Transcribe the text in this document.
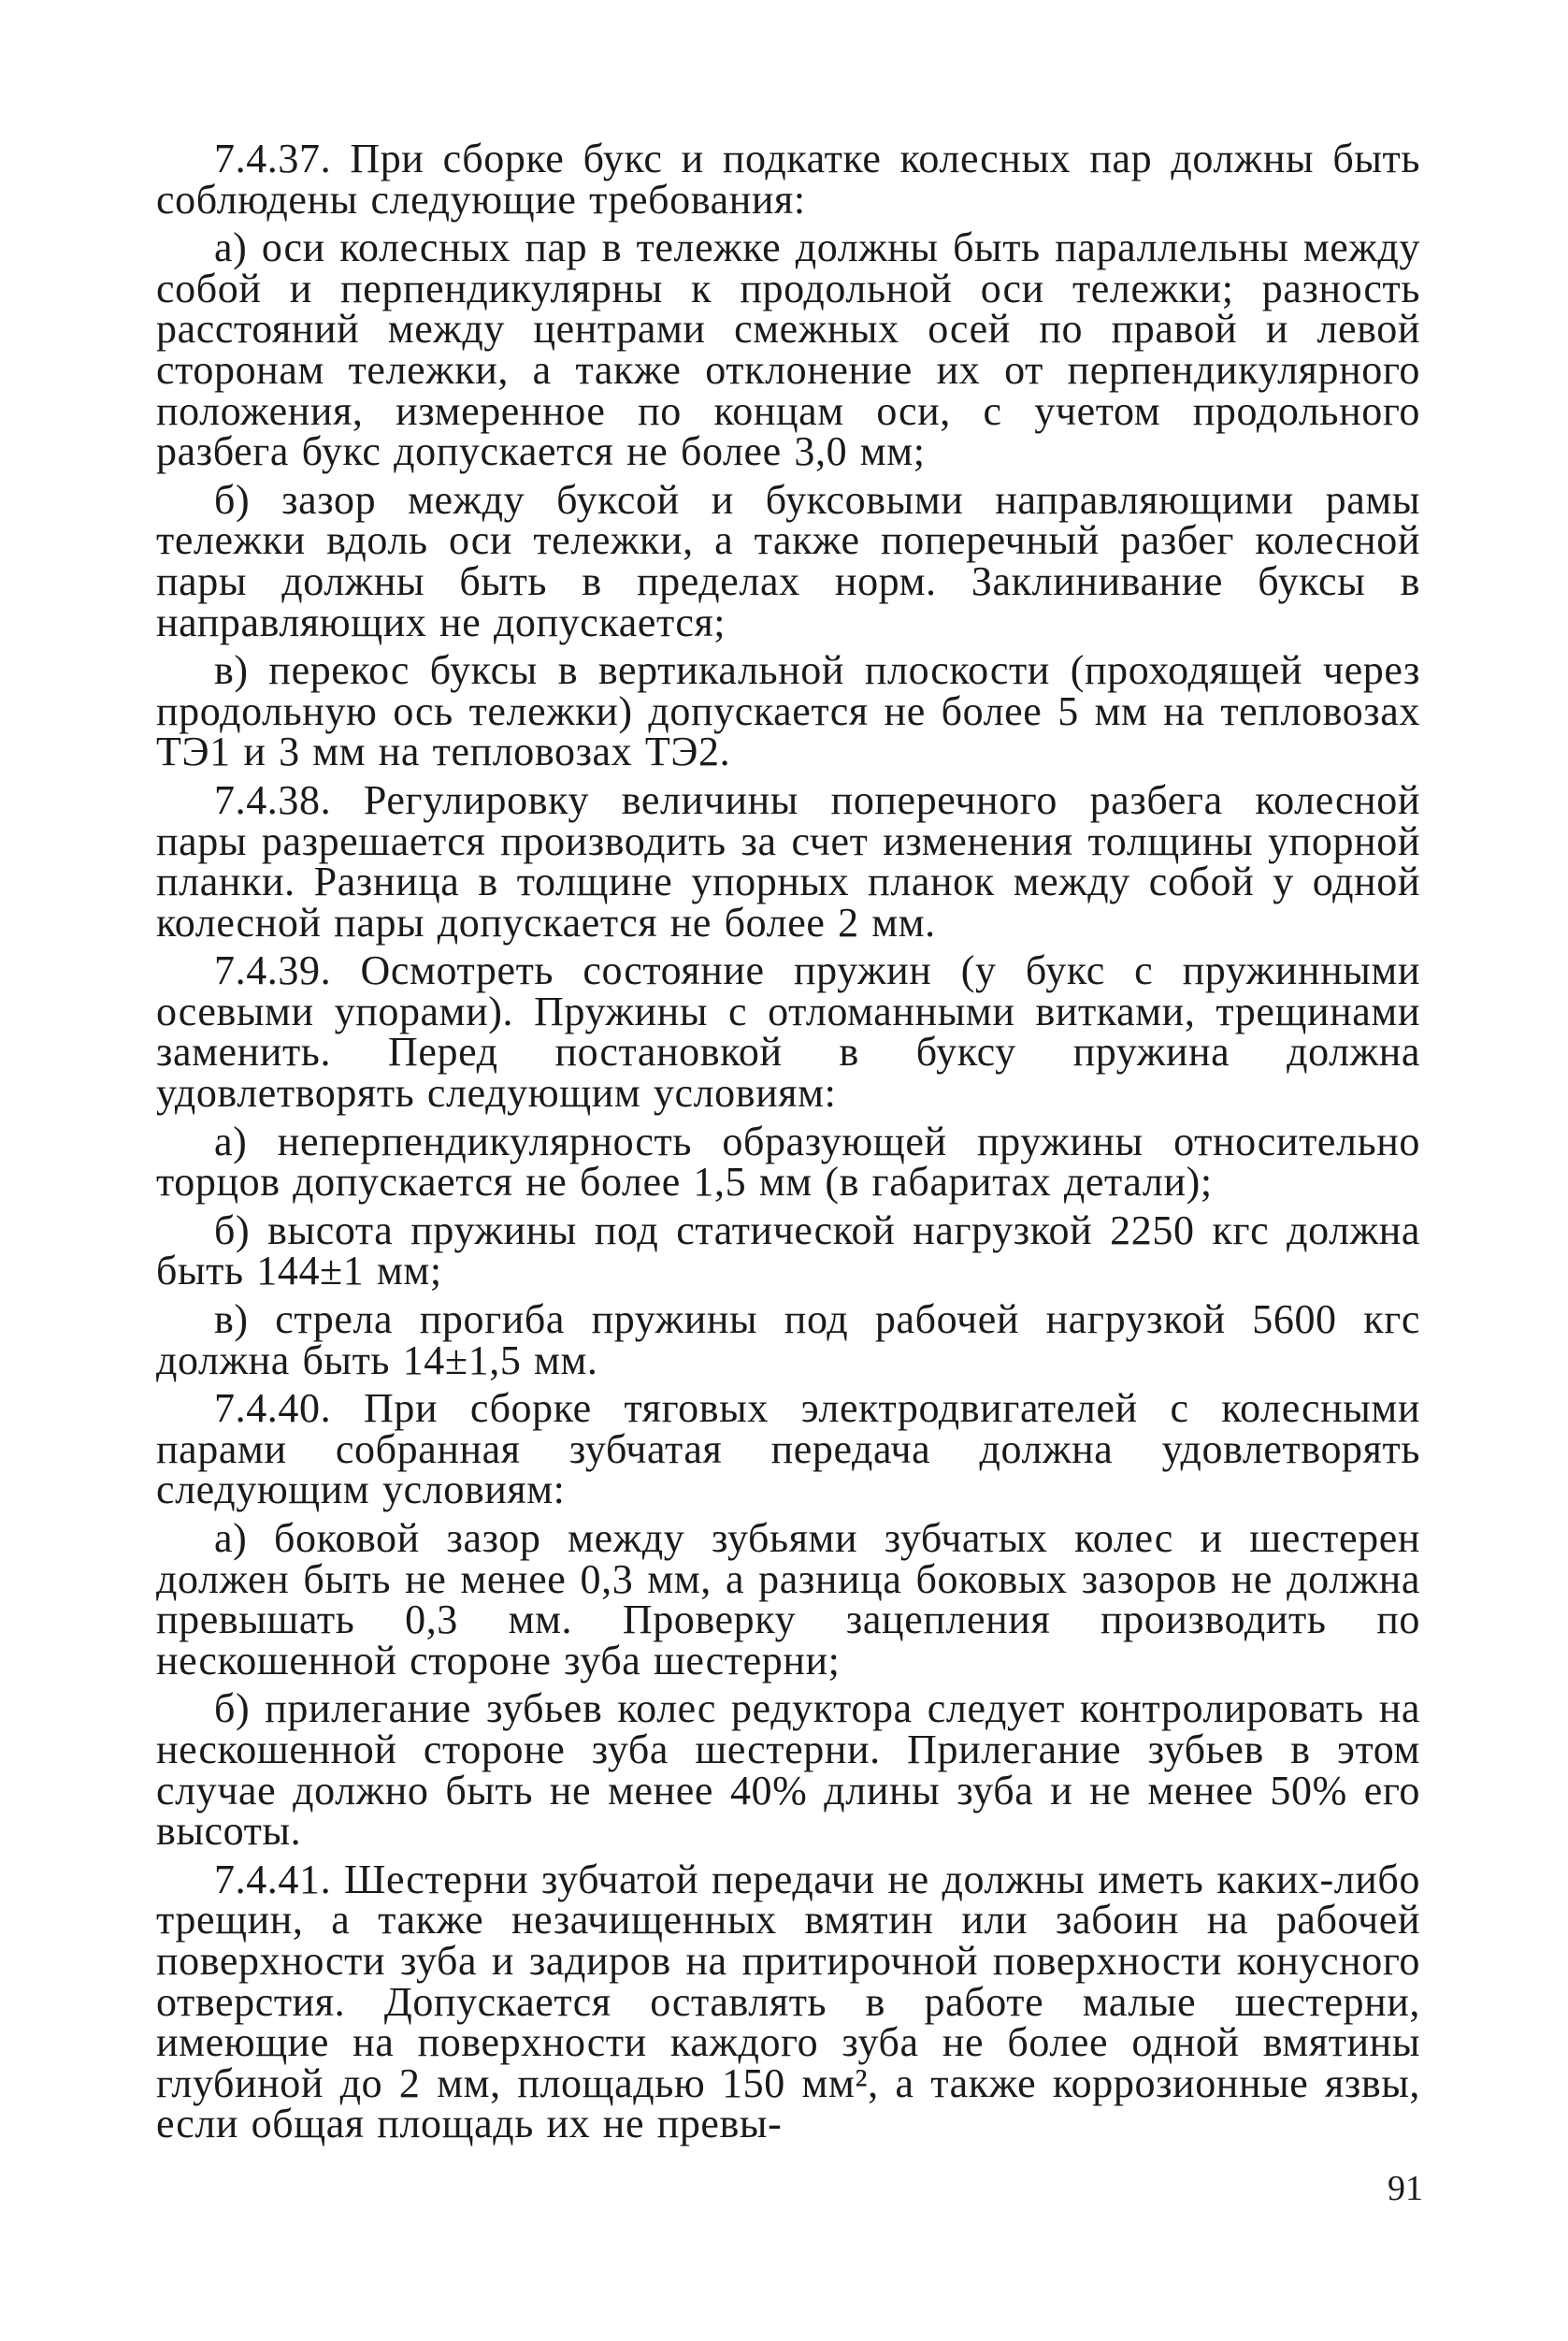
7.4.37. При сборке букс и подкатке колесных пар должны быть соблюдены следующие требования:

а) оси колесных пар в тележке должны быть параллельны между собой и перпендикулярны к продольной оси тележки; разность расстояний между центрами смежных осей по правой и левой сторонам тележки, а также отклонение их от перпендикулярного положения, измеренное по концам оси, с учетом продольного разбега букс допускается не более 3,0 мм;

б) зазор между буксой и буксовыми направляющими рамы тележки вдоль оси тележки, а также поперечный разбег колесной пары должны быть в пределах норм. Заклинивание буксы в направляющих не допускается;

в) перекос буксы в вертикальной плоскости (проходящей через продольную ось тележки) допускается не более 5 мм на тепловозах ТЭ1 и 3 мм на тепловозах ТЭ2.

7.4.38. Регулировку величины поперечного разбега колесной пары разрешается производить за счет изменения толщины упорной планки. Разница в толщине упорных планок между собой у одной колесной пары допускается не более 2 мм.

7.4.39. Осмотреть состояние пружин (у букс с пружинными осевыми упорами). Пружины с отломанными витками, трещинами заменить. Перед постановкой в буксу пружина должна удовлетворять следующим условиям:

а) неперпендикулярность образующей пружины относительно торцов допускается не более 1,5 мм (в габаритах детали);

б) высота пружины под статической нагрузкой 2250 кгс должна быть 144±1 мм;

в) стрела прогиба пружины под рабочей нагрузкой 5600 кгс должна быть 14±1,5 мм.

7.4.40. При сборке тяговых электродвигателей с колесными парами собранная зубчатая передача должна удовлетворять следующим условиям:

а) боковой зазор между зубьями зубчатых колес и шестерен должен быть не менее 0,3 мм, а разница боковых зазоров не должна превышать 0,3 мм. Проверку зацепления производить по нескошенной стороне зуба шестерни;

б) прилегание зубьев колес редуктора следует контролировать на нескошенной стороне зуба шестерни. Прилегание зубьев в этом случае должно быть не менее 40% длины зуба и не менее 50% его высоты.

7.4.41. Шестерни зубчатой передачи не должны иметь каких-либо трещин, а также незачищенных вмятин или забоин на рабочей поверхности зуба и задиров на притирочной поверхности конусного отверстия. Допускается оставлять в работе малые шестерни, имеющие на поверхности каждого зуба не более одной вмятины глубиной до 2 мм, площадью 150 мм², а также коррозионные язвы, если общая площадь их не превы-

91
